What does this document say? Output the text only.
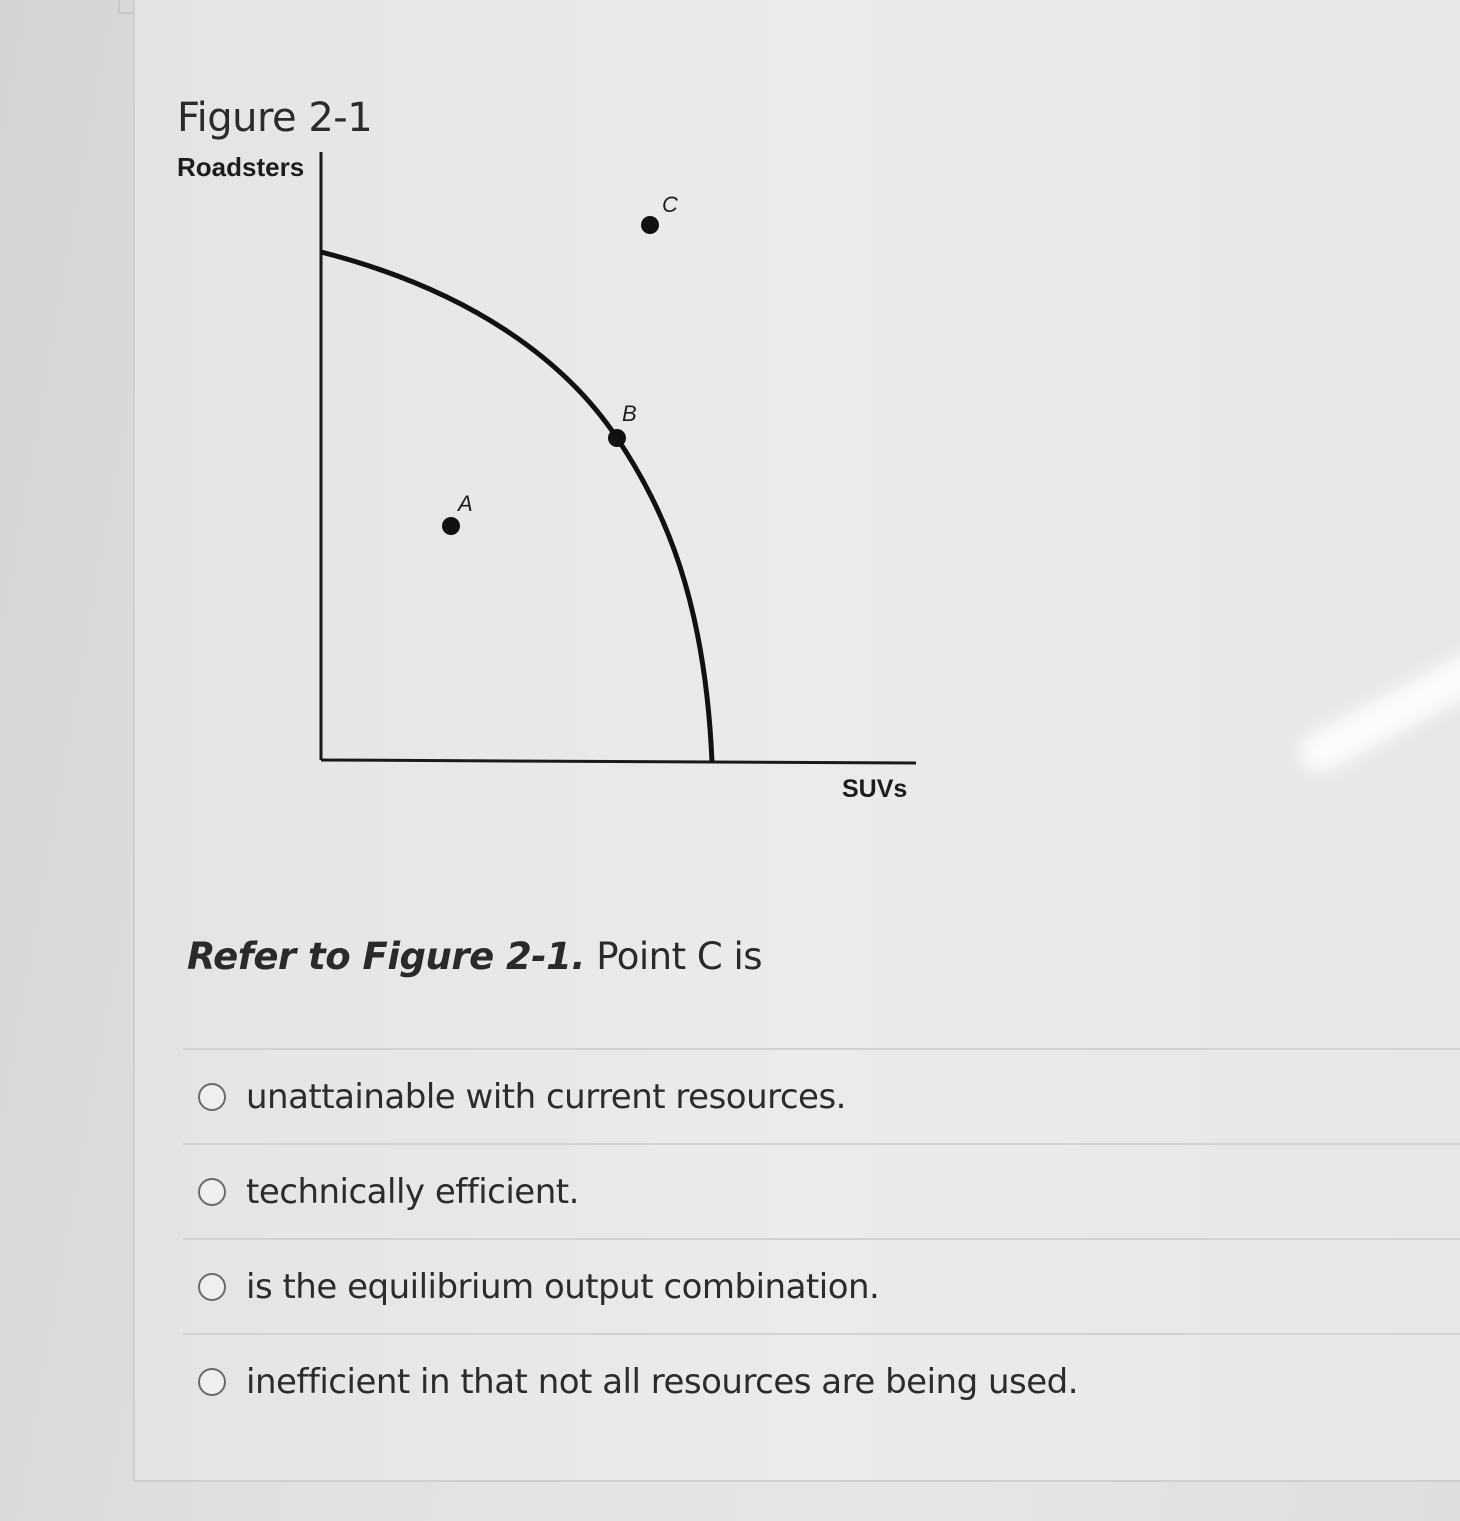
Figure 2-1
Roadsters
SUVs
A
B
C
Refer to Figure 2-1. Point C is
unattainable with current resources.
technically efficient.
is the equilibrium output combination.
inefficient in that not all resources are being used.
